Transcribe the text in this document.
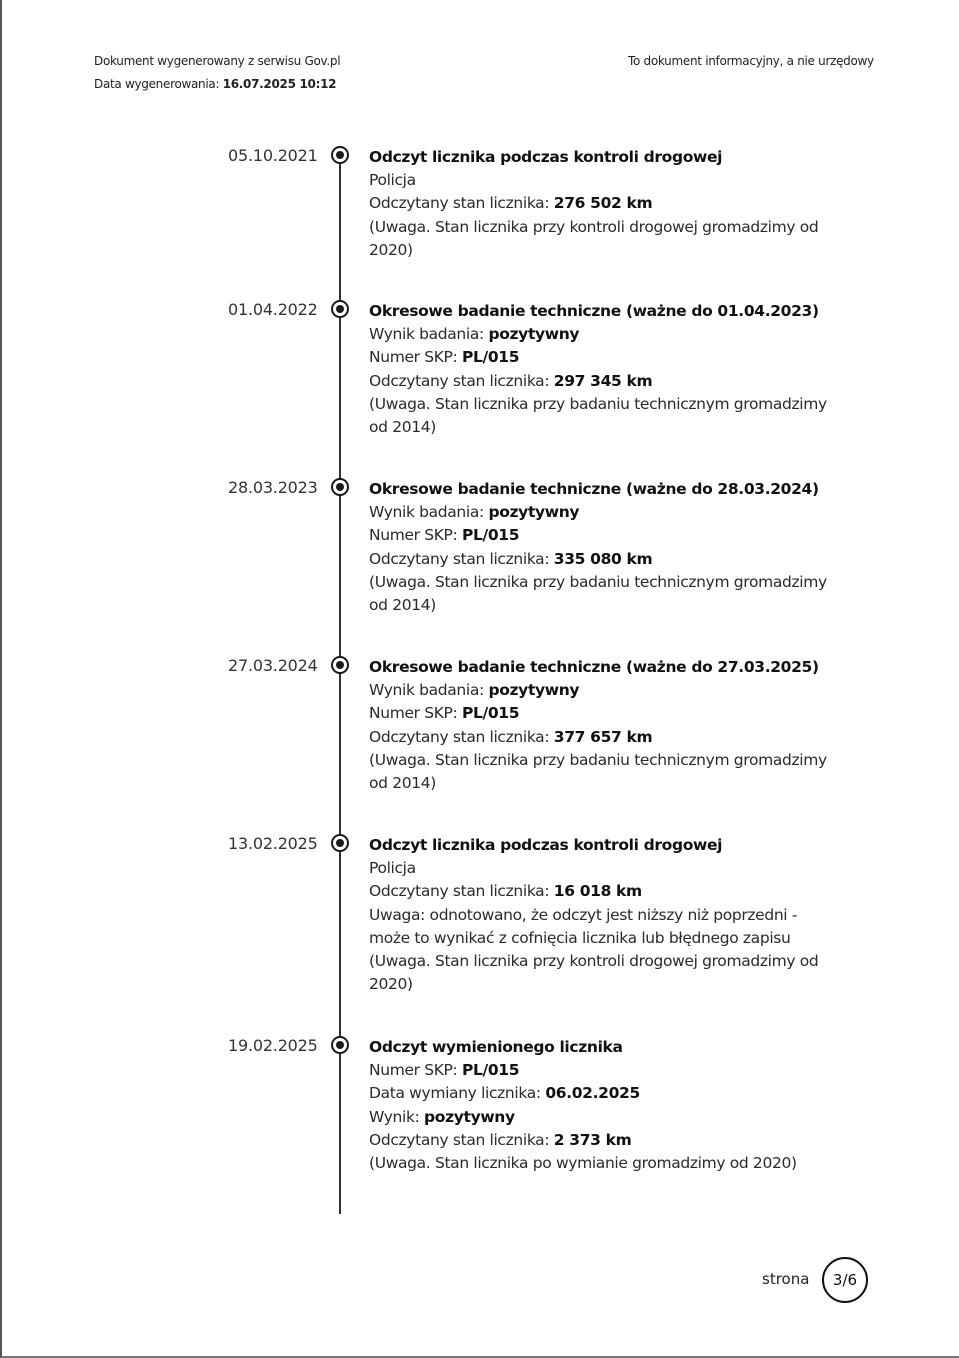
Dokument wygenerowany z serwisu Gov.pl
Data wygenerowania: 16.07.2025 10:12
To dokument informacyjny, a nie urzędowy
05.10.2021	Odczyt licznika podczas kontroli drogowej
Policja
Odczytany stan licznika: 276 502 km
(Uwaga. Stan licznika przy kontroli drogowej gromadzimy od 2020)
01.04.2022	Okresowe badanie techniczne (ważne do 01.04.2023)
Wynik badania: pozytywny
Numer SKP: PL/015
Odczytany stan licznika: 297 345 km
(Uwaga. Stan licznika przy badaniu technicznym gromadzimy od 2014)
28.03.2023	Okresowe badanie techniczne (ważne do 28.03.2024)
Wynik badania: pozytywny
Numer SKP: PL/015
Odczytany stan licznika: 335 080 km
(Uwaga. Stan licznika przy badaniu technicznym gromadzimy od 2014)
27.03.2024	Okresowe badanie techniczne (ważne do 27.03.2025)
Wynik badania: pozytywny
Numer SKP: PL/015
Odczytany stan licznika: 377 657 km
(Uwaga. Stan licznika przy badaniu technicznym gromadzimy od 2014)
13.02.2025	Odczyt licznika podczas kontroli drogowej
Policja
Odczytany stan licznika: 16 018 km
Uwaga: odnotowano, że odczyt jest niższy niż poprzedni - może to wynikać z cofnięcia licznika lub błędnego zapisu
(Uwaga. Stan licznika przy kontroli drogowej gromadzimy od 2020)
19.02.2025	Odczyt wymienionego licznika
Numer SKP: PL/015
Data wymiany licznika: 06.02.2025
Wynik: pozytywny
Odczytany stan licznika: 2 373 km
(Uwaga. Stan licznika po wymianie gromadzimy od 2020)
strona	3/6
